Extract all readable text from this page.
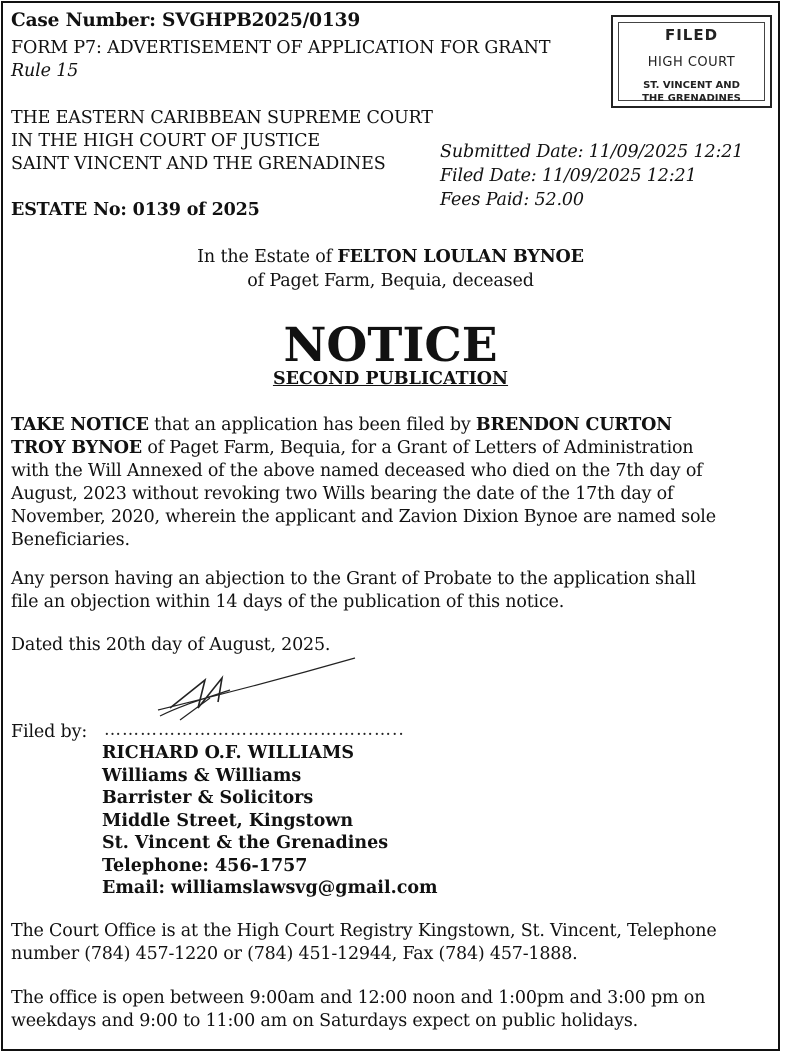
Case Number: SVGHPB2025/0139
FORM P7: ADVERTISEMENT OF APPLICATION FOR GRANT
Rule 15
THE EASTERN CARIBBEAN SUPREME COURT
IN THE HIGH COURT OF JUSTICE
SAINT VINCENT AND THE GRENADINES
ESTATE No: 0139 of 2025
FILED
HIGH COURT
ST. VINCENT AND
THE GRENADINES
Submitted Date: 11/09/2025 12:21
Filed Date: 11/09/2025 12:21
Fees Paid: 52.00
In the Estate of FELTON LOULAN BYNOE
of Paget Farm, Bequia, deceased
NOTICE
SECOND PUBLICATION
TAKE NOTICE that an application has been filed by BRENDON CURTON
TROY BYNOE of Paget Farm, Bequia, for a Grant of Letters of Administration
with the Will Annexed of the above named deceased who died on the 7th day of
August, 2023 without revoking two Wills bearing the date of the 17th day of
November, 2020, wherein the applicant and Zavion Dixion Bynoe are named sole
Beneficiaries.
Any person having an abjection to the Grant of Probate to the application shall
file an objection within 14 days of the publication of this notice.
Dated this 20th day of August, 2025.
Filed by: …………………………………………..
RICHARD O.F. WILLIAMS
Williams & Williams
Barrister & Solicitors
Middle Street, Kingstown
St. Vincent & the Grenadines
Telephone: 456-1757
Email: williamslawsvg@gmail.com
The Court Office is at the High Court Registry Kingstown, St. Vincent, Telephone
number (784) 457-1220 or (784) 451-12944, Fax (784) 457-1888.
The office is open between 9:00am and 12:00 noon and 1:00pm and 3:00 pm on
weekdays and 9:00 to 11:00 am on Saturdays expect on public holidays.
